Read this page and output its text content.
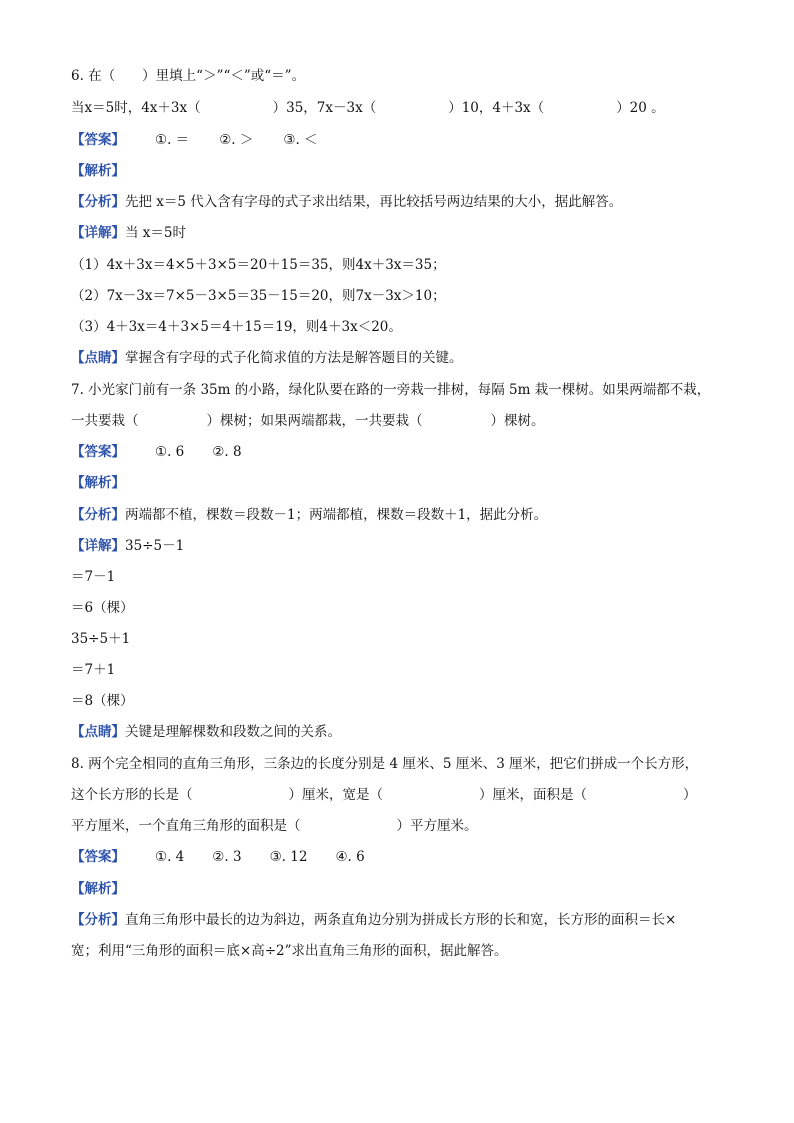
6. 在（　　）里填上“＞”“＜”或“＝”。
当x＝5时，4x＋3x（	）35，7x－3x（	）10，4＋3x（	）20 。
【答案】 ①. ＝ ②. ＞ ③. ＜
【解析】
【分析】先把 x＝5 代入含有字母的式子求出结果，再比较括号两边结果的大小，据此解答。
【详解】当 x＝5时
（1）4x＋3x＝4×5＋3×5＝20＋15＝35，则4x＋3x＝35；
（2）7x－3x＝7×5－3×5＝35－15＝20，则7x－3x＞10；
（3）4＋3x＝4＋3×5＝4＋15＝19，则4＋3x＜20。
【点睛】掌握含有字母的式子化简求值的方法是解答题目的关键。
7. 小光家门前有一条 35m 的小路，绿化队要在路的一旁栽一排树，每隔 5m 栽一棵树。如果两端都不栽，
一共要栽（	）棵树；如果两端都栽，一共要栽（	）棵树。
【答案】 ①. 6 ②. 8
【解析】
【分析】两端都不植，棵数＝段数－1；两端都植，棵数＝段数＋1，据此分析。
【详解】35÷5－1
＝7－1
＝6（棵）
35÷5＋1
＝7＋1
＝8（棵）
【点睛】关键是理解棵数和段数之间的关系。
8. 两个完全相同的直角三角形，三条边的长度分别是 4 厘米、5 厘米、3 厘米，把它们拼成一个长方形，
这个长方形的长是（	）厘米，宽是（	）厘米，面积是（	）
平方厘米，一个直角三角形的面积是（	）平方厘米。
【答案】 ①. 4 ②. 3 ③. 12 ④. 6
【解析】
【分析】直角三角形中最长的边为斜边，两条直角边分别为拼成长方形的长和宽，长方形的面积＝长×
宽；利用“三角形的面积＝底×高÷2”求出直角三角形的面积，据此解答。
